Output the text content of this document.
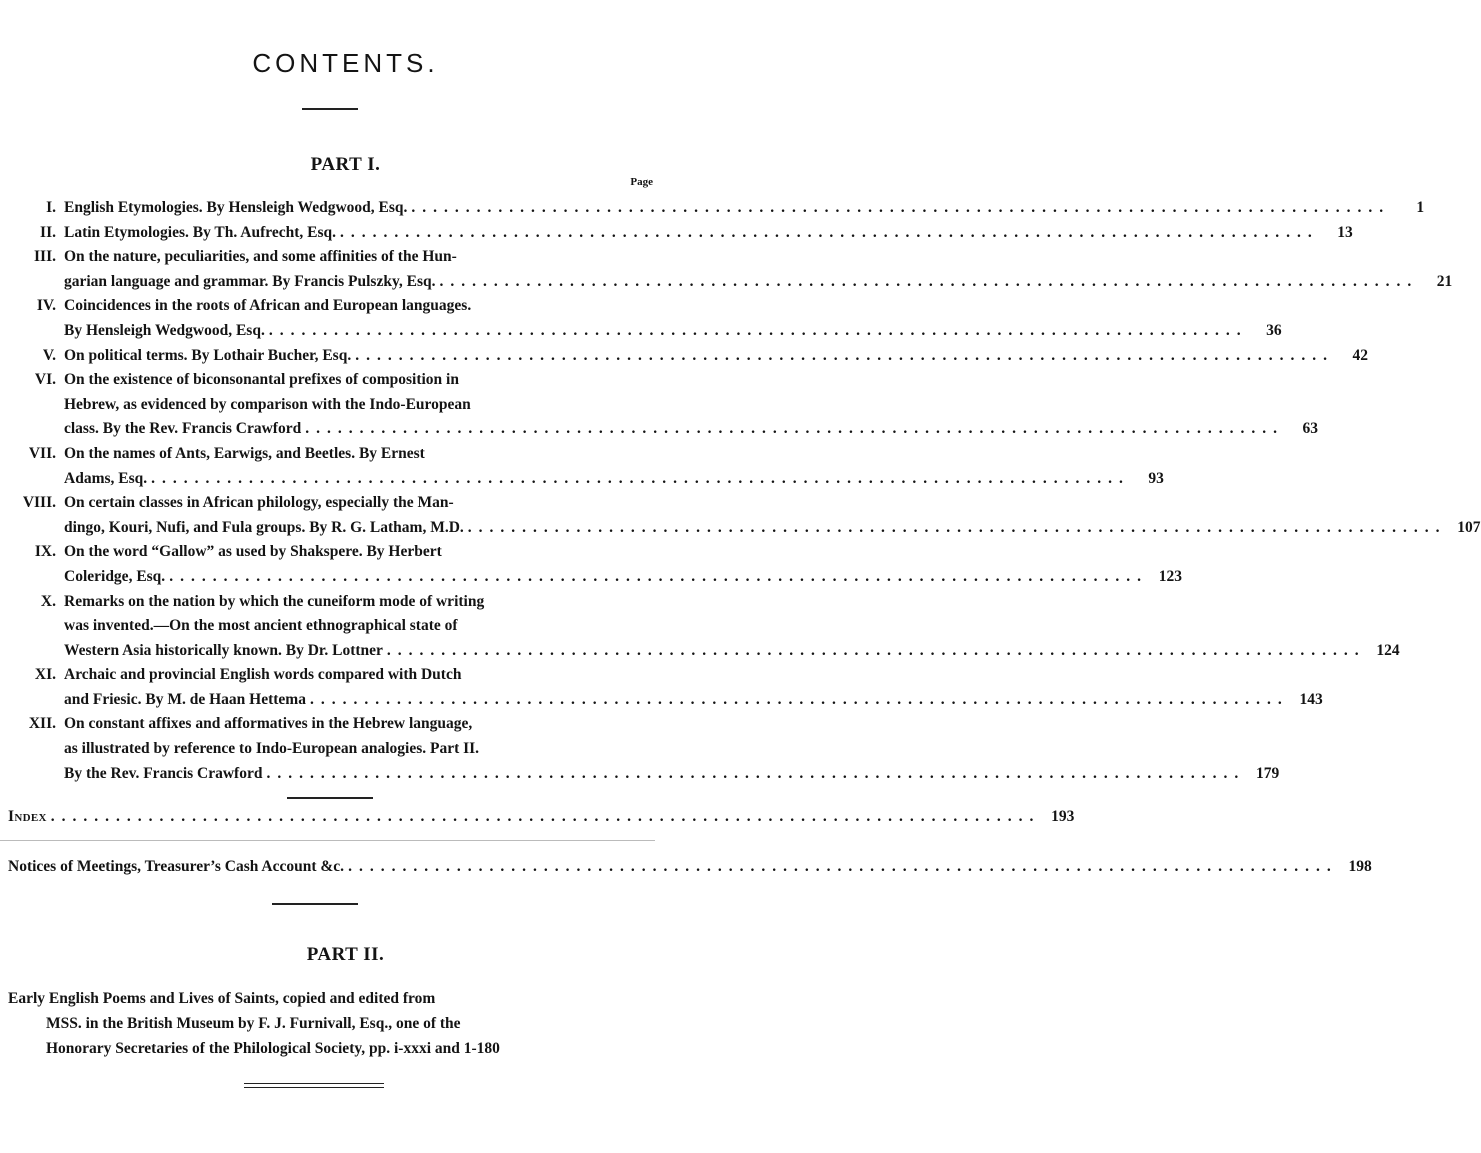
CONTENTS.
PART I.
Page
I. English Etymologies. By Hensleigh Wedgwood, Esq. ..........................................................................................	1
II. Latin Etymologies. By Th. Aufrecht, Esq. ..........................................................................................	13
III. On the nature, peculiarities, and some affinities of the Hun-
garian language and grammar. By Francis Pulszky, Esq. ..........................................................................................	21
IV. Coincidences in the roots of African and European languages.
By Hensleigh Wedgwood, Esq. ..........................................................................................	36
V. On political terms. By Lothair Bucher, Esq. ..........................................................................................	42
VI. On the existence of biconsonantal prefixes of composition in
Hebrew, as evidenced by comparison with the Indo-European
class. By the Rev. Francis Crawford ..........................................................................................	63
VII. On the names of Ants, Earwigs, and Beetles. By Ernest
Adams, Esq. ..........................................................................................	93
VIII. On certain classes in African philology, especially the Man-
dingo, Kouri, Nufi, and Fula groups. By R. G. Latham, M.D. .......................................................................................... 107
IX. On the word “Gallow” as used by Shakspere. By Herbert
Coleridge, Esq. .......................................................................................... 123
X. Remarks on the nation by which the cuneiform mode of writing
was invented.—On the most ancient ethnographical state of
Western Asia historically known. By Dr. Lottner .......................................................................................... 124
XI. Archaic and provincial English words compared with Dutch
and Friesic. By M. de Haan Hettema .......................................................................................... 143
XII. On constant affixes and afformatives in the Hebrew language,
as illustrated by reference to Indo-European analogies. Part II.
By the Rev. Francis Crawford .......................................................................................... 179
Index ........................................................................................... 193
Notices of Meetings, Treasurer’s Cash Account &c. ........................................................................................... 198
PART II.
Early English Poems and Lives of Saints, copied and edited from
MSS. in the British Museum by F. J. Furnivall, Esq., one of the
Honorary Secretaries of the Philological Society, pp. i-xxxi and 1-180
